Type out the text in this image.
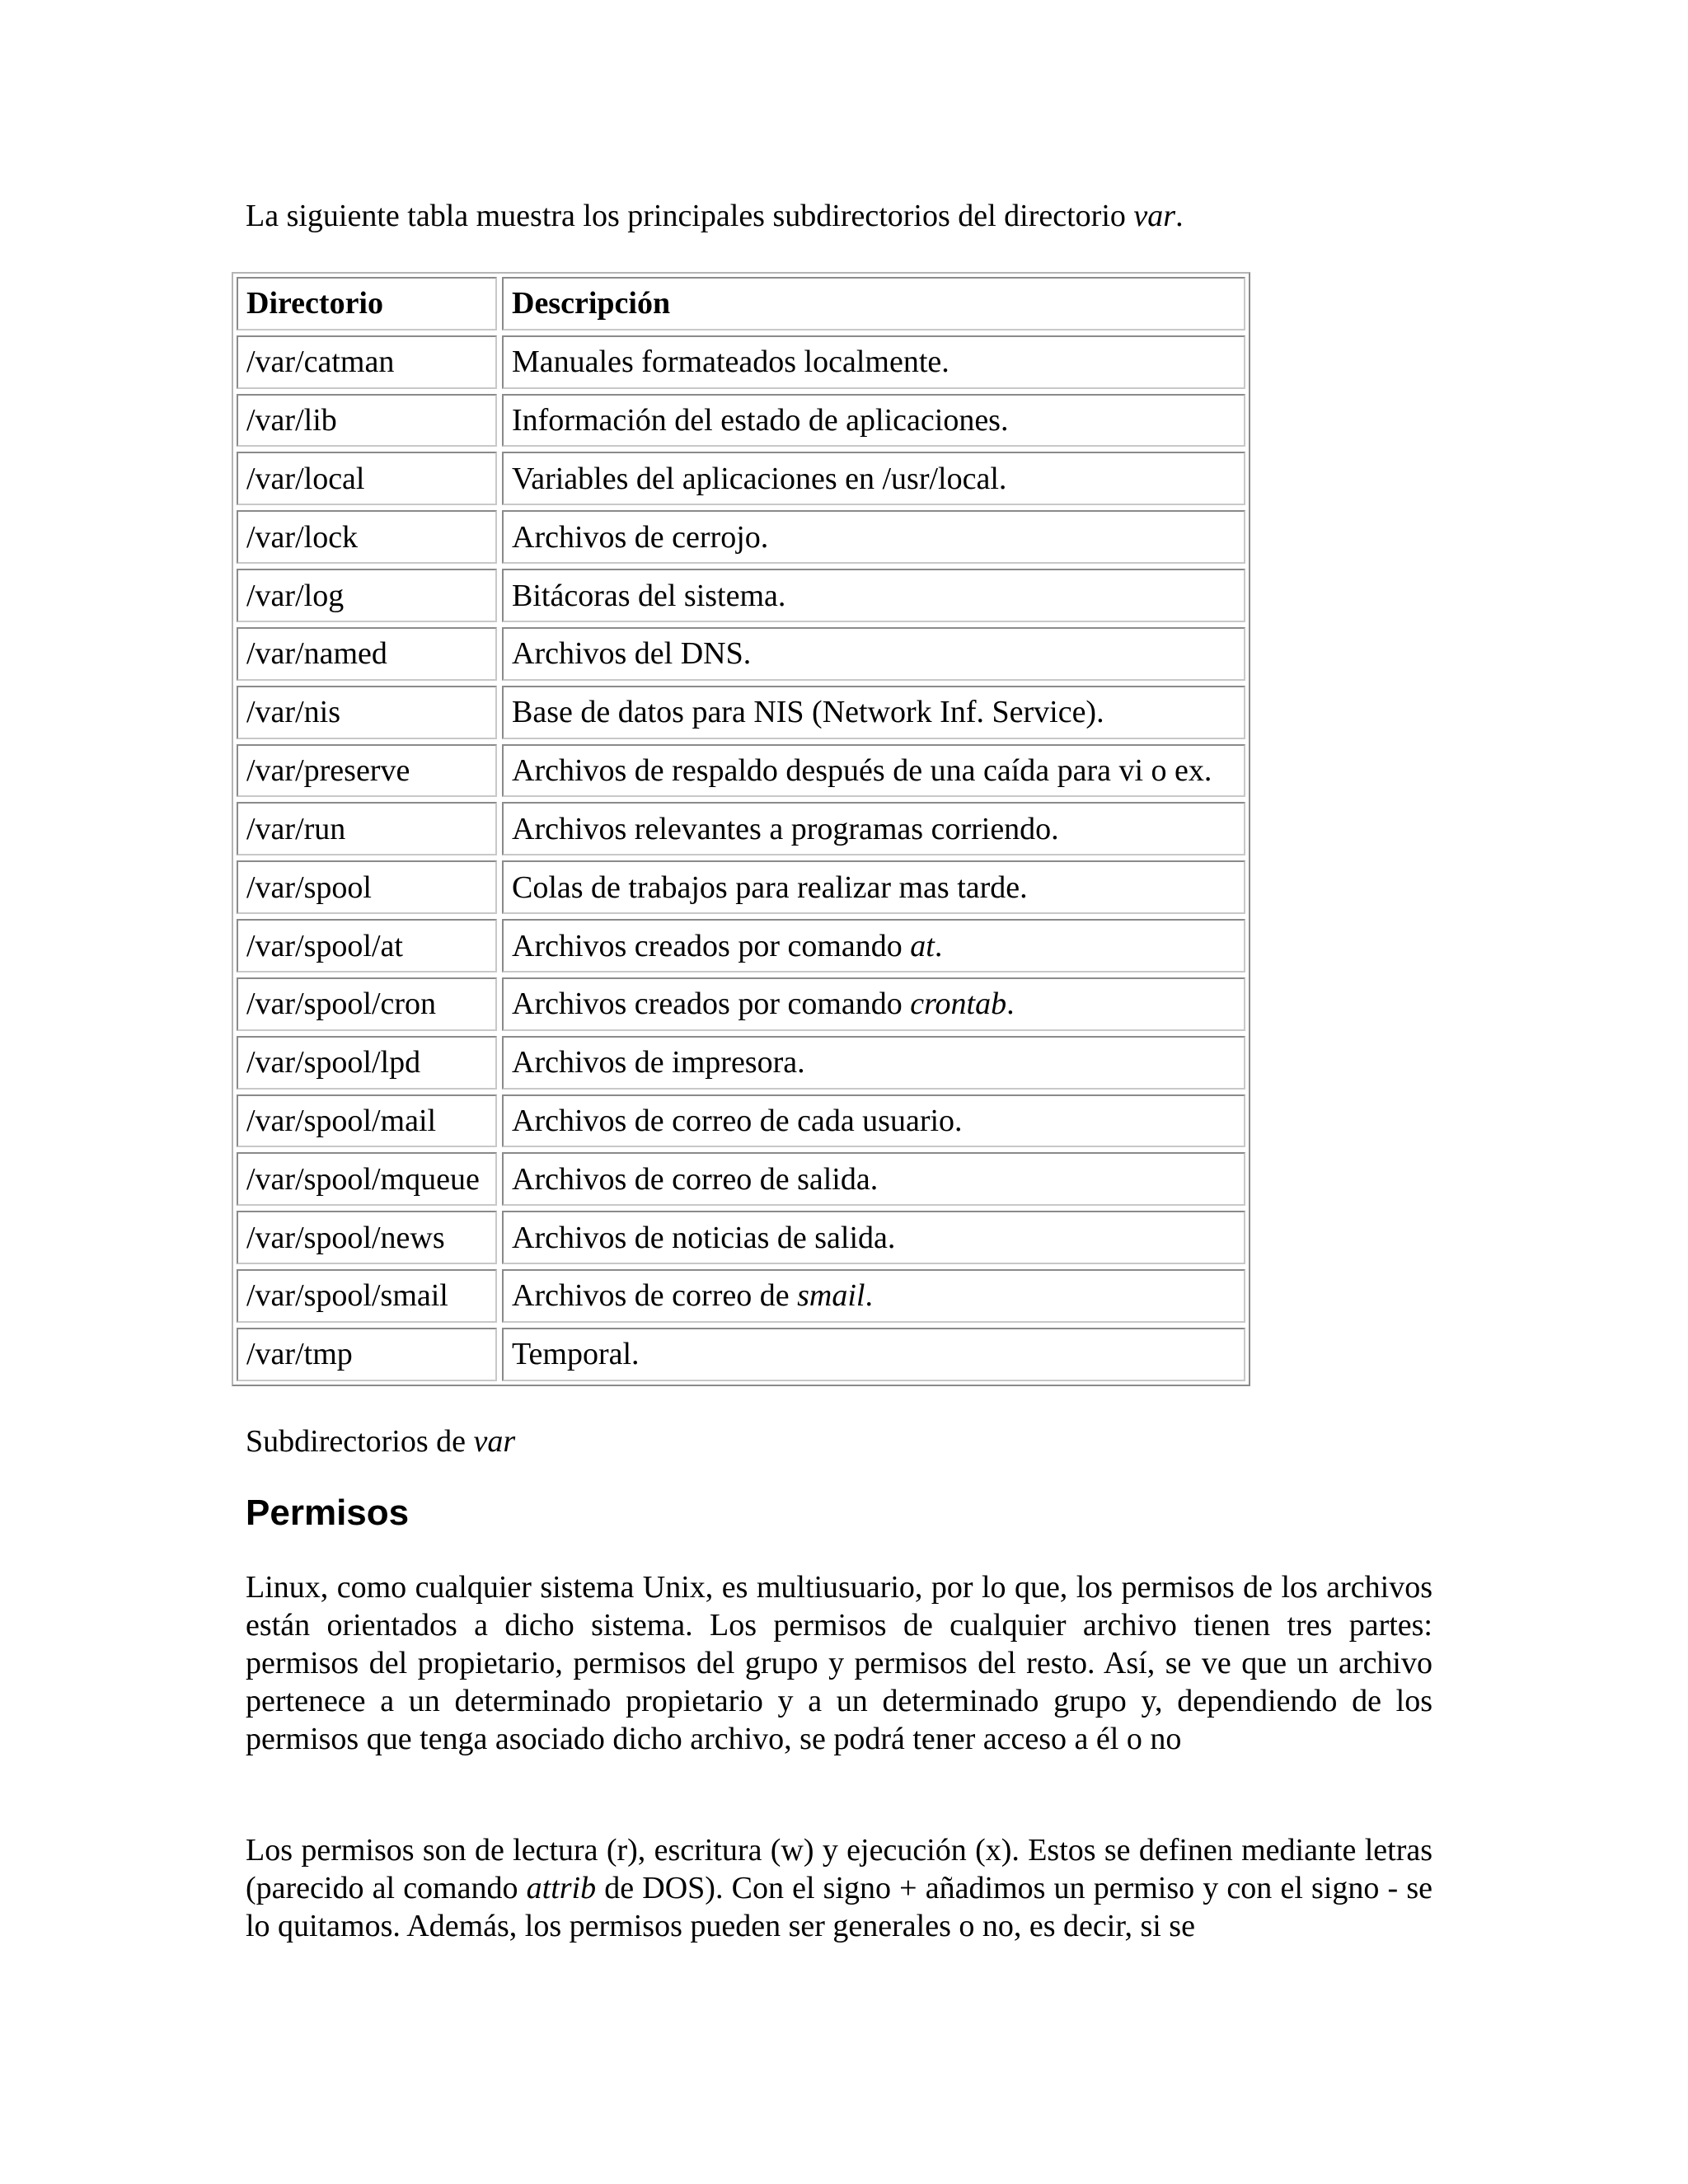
La siguiente tabla muestra los principales subdirectorios del directorio var.

Directorio	Descripción
/var/catman	Manuales formateados localmente.
/var/lib	Información del estado de aplicaciones.
/var/local	Variables del aplicaciones en /usr/local.
/var/lock	Archivos de cerrojo.
/var/log	Bitácoras del sistema.
/var/named	Archivos del DNS.
/var/nis	Base de datos para NIS (Network Inf. Service).
/var/preserve	Archivos de respaldo después de una caída para vi o ex.
/var/run	Archivos relevantes a programas corriendo.
/var/spool	Colas de trabajos para realizar mas tarde.
/var/spool/at	Archivos creados por comando at.
/var/spool/cron	Archivos creados por comando crontab.
/var/spool/lpd	Archivos de impresora.
/var/spool/mail	Archivos de correo de cada usuario.
/var/spool/mqueue	Archivos de correo de salida.
/var/spool/news	Archivos de noticias de salida.
/var/spool/smail	Archivos de correo de smail.
/var/tmp	Temporal.

Subdirectorios de var

Permisos

Linux, como cualquier sistema Unix, es multiusuario, por lo que, los permisos de los archivos están orientados a dicho sistema. Los permisos de cualquier archivo tienen tres partes: permisos del propietario, permisos del grupo y permisos del resto. Así, se ve que un archivo pertenece a un determinado propietario y a un determinado grupo y, dependiendo de los permisos que tenga asociado dicho archivo, se podrá tener acceso a él o no

Los permisos son de lectura (r), escritura (w) y ejecución (x). Estos se definen mediante letras (parecido al comando attrib de DOS). Con el signo + añadimos un permiso y con el signo - se lo quitamos. Además, los permisos pueden ser generales o no, es decir, si se
